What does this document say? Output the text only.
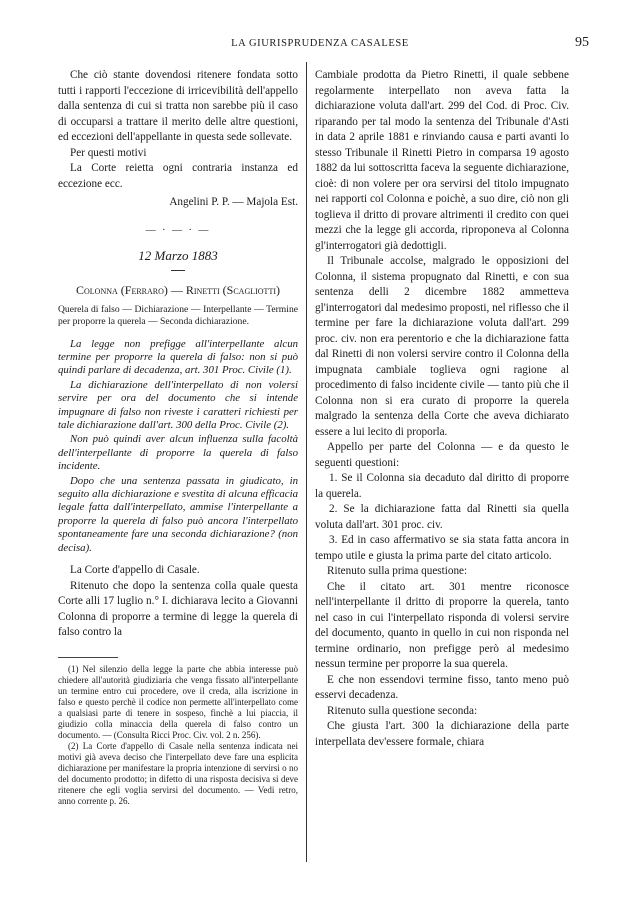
LA GIURISPRUDENZA CASALESE	95

Che ciò stante dovendosi ritenere fondata sotto tutti i rapporti l'eccezione di irricevibilità dell'appello dalla sentenza di cui si tratta non sarebbe più il caso di occuparsi a trattare il merito delle altre questioni, ed eccezioni dell'appellante in questa sede sollevate.

Per questi motivi

La Corte reietta ogni contraria instanza ed eccezione ecc.

Angelini P. P. — Majola Est.

— · — · —
12 Marzo 1883
Colonna (Ferraro) — Rinetti (Scagliotti)
Querela di falso — Dichiarazione — Interpellante — Termine per proporre la querela — Seconda dichiarazione.

La legge non prefigge all'interpellante alcun termine per proporre la querela di falso: non si può quindi parlare di decadenza, art. 301 Proc. Civile (1).

La dichiarazione dell'interpellato di non volersi servire per ora del documento che si intende impugnare di falso non riveste i caratteri richiesti per tale dichiarazione dall'art. 300 della Proc. Civile (2).

Non può quindi aver alcun influenza sulla facoltà dell'interpellante di proporre la querela di falso incidente.

Dopo che una sentenza passata in giudicato, in seguito alla dichiarazione e svestita di alcuna efficacia legale fatta dall'interpellato, ammise l'interpellante a proporre la querela di falso può ancora l'interpellato spontaneamente fare una seconda dichiarazione? (non decisa).

La Corte d'appello di Casale.

Ritenuto che dopo la sentenza colla quale questa Corte alli 17 luglio n.° I. dichiarava lecito a Giovanni Colonna di proporre a termine di legge la querela di falso contro la

(1) Nel silenzio della legge la parte che abbia interesse può chiedere all'autorità giudiziaria che venga fissato all'interpellante un termine entro cui procedere, ove il creda, alla iscrizione in falso e questo perchè il codice non permette all'interpellato come a qualsiasi parte di tenere in sospeso, finchè a lui piaccia, il giudizio colla minaccia della querela di falso contro un documento. — (Consulta Ricci Proc. Civ. vol. 2 n. 256).

(2) La Corte d'appello di Casale nella sentenza indicata nei motivi già aveva deciso che l'interpellato deve fare una esplicita dichiarazione per manifestare la propria intenzione di servirsi o no del documento prodotto; in difetto di una risposta decisiva si deve ritenere che egli voglia servirsi del documento. — Vedi retro, anno corrente p. 26.

Cambiale prodotta da Pietro Rinetti, il quale sebbene regolarmente interpellato non aveva fatta la dichiarazione voluta dall'art. 299 del Cod. di Proc. Civ. riparando per tal modo la sentenza del Tribunale d'Asti in data 2 aprile 1881 e rinviando causa e parti avanti lo stesso Tribunale il Rinetti Pietro in comparsa 19 agosto 1882 da lui sottoscritta faceva la seguente dichiarazione, cioè: di non volere per ora servirsi del titolo impugnato nei rapporti col Colonna e poichè, a suo dire, ciò non gli toglieva il dritto di provare altrimenti il credito con quei mezzi che la legge gli accorda, riproponeva al Colonna gl'interrogatori già dedottigli.

Il Tribunale accolse, malgrado le opposizioni del Colonna, il sistema propugnato dal Rinetti, e con sua sentenza delli 2 dicembre 1882 ammetteva gl'interrogatori dal medesimo proposti, nel riflesso che il termine per fare la dichiarazione voluta dall'art. 299 proc. civ. non era perentorio e che la dichiarazione fatta dal Rinetti di non volersi servire contro il Colonna della impugnata cambiale toglieva ogni ragione al procedimento di falso incidente civile — tanto più che il Colonna non si era curato di proporre la querela malgrado la sentenza della Corte che aveva dichiarato essere a lui lecito di proporla.

Appello per parte del Colonna — e da questo le seguenti questioni:

1. Se il Colonna sia decaduto dal diritto di proporre la querela.

2. Se la dichiarazione fatta dal Rinetti sia quella voluta dall'art. 301 proc. civ.

3. Ed in caso affermativo se sia stata fatta ancora in tempo utile e giusta la prima parte del citato articolo.

Ritenuto sulla prima questione:

Che il citato art. 301 mentre riconosce nell'interpellante il dritto di proporre la querela, tanto nel caso in cui l'interpellato risponda di volersi servire del documento, quanto in quello in cui non risponda nel termine ordinario, non prefigge però al medesimo nessun termine per proporre la sua querela.

E che non essendovi termine fisso, tanto meno può esservi decadenza.

Ritenuto sulla questione seconda:

Che giusta l'art. 300 la dichiarazione della parte interpellata dev'essere formale, chiara
